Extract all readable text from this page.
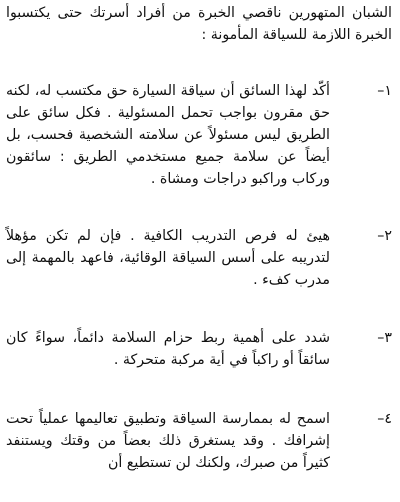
الشبان المتهورين ناقصي الخبرة من أفراد أسرتك حتى يكتسبوا الخبرة اللازمة للسياقة المأمونة :

١–

أكّد لهذا السائق أن سياقة السيارة حق مكتسب له، لكنه حق مقرون بواجب تحمل المسئولية . فكل سائق على الطريق ليس مسئولاً عن سلامته الشخصية فحسب، بل أيضاً عن سلامة جميع مستخدمي الطريق : سائقون وركاب وراكبو دراجات ومشاة .

٢–

هيئ له فرص التدريب الكافية . فإن لم تكن مؤهلاً لتدريبه على أسس السياقة الوقائية، فاعهد بالمهمة إلى مدرب كفء .

٣–

شدد على أهمية ربط حزام السلامة دائماً، سواءً كان سائقاً أو راكباً في أية مركبة متحركة .

٤–

اسمح له بممارسة السياقة وتطبيق تعاليمها عملياً تحت إشرافك . وقد يستغرق ذلك بعضاً من وقتك ويستنفد كثيراً من صبرك، ولكنك لن تستطيع أن
